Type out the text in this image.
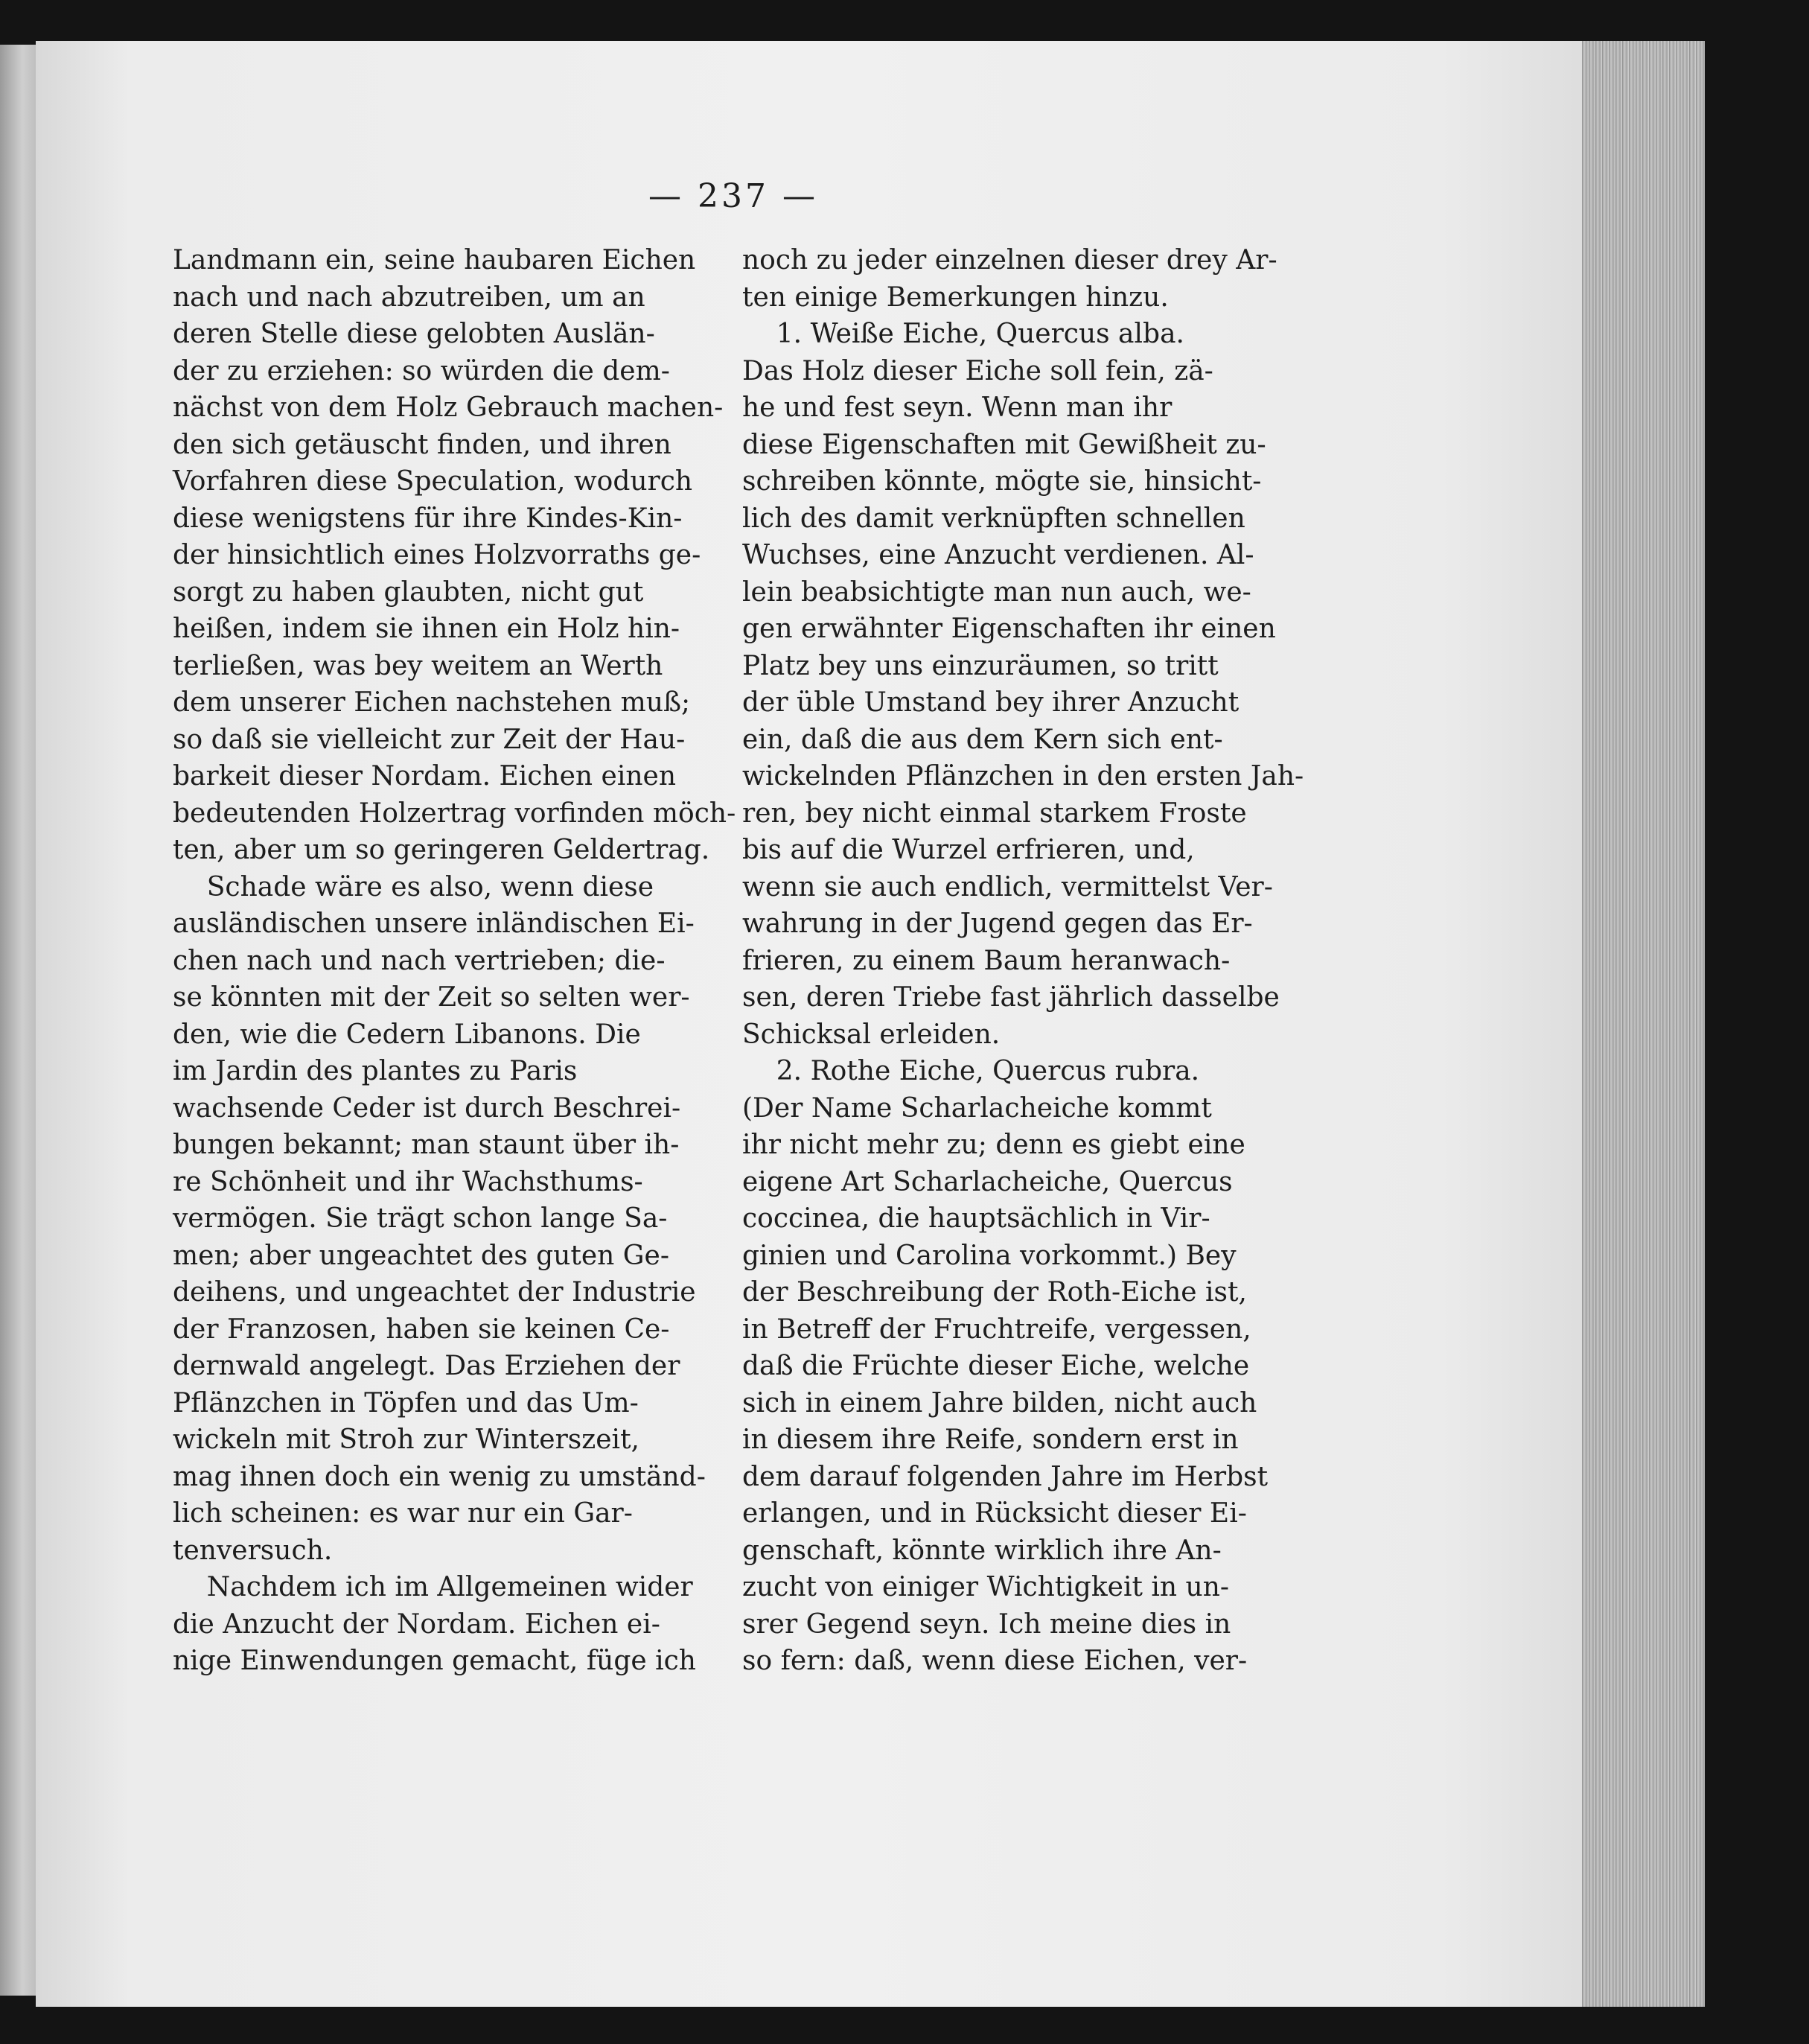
— 237 —
Landmann ein, seine haubaren Eichen
nach und nach abzutreiben, um an
deren Stelle diese gelobten Auslän-
der zu erziehen: so würden die dem-
nächst von dem Holz Gebrauch machen-
den sich getäuscht finden, und ihren
Vorfahren diese Speculation, wodurch
diese wenigstens für ihre Kindes-Kin-
der hinsichtlich eines Holzvorraths ge-
sorgt zu haben glaubten, nicht gut
heißen, indem sie ihnen ein Holz hin-
terließen, was bey weitem an Werth
dem unserer Eichen nachstehen muß;
so daß sie vielleicht zur Zeit der Hau-
barkeit dieser Nordam. Eichen einen
bedeutenden Holzertrag vorfinden möch-
ten, aber um so geringeren Geldertrag.
Schade wäre es also, wenn diese
ausländischen unsere inländischen Ei-
chen nach und nach vertrieben; die-
se könnten mit der Zeit so selten wer-
den, wie die Cedern Libanons. Die
im Jardin des plantes zu Paris
wachsende Ceder ist durch Beschrei-
bungen bekannt; man staunt über ih-
re Schönheit und ihr Wachsthums-
vermögen. Sie trägt schon lange Sa-
men; aber ungeachtet des guten Ge-
deihens, und ungeachtet der Industrie
der Franzosen, haben sie keinen Ce-
dernwald angelegt. Das Erziehen der
Pflänzchen in Töpfen und das Um-
wickeln mit Stroh zur Winterszeit,
mag ihnen doch ein wenig zu umständ-
lich scheinen: es war nur ein Gar-
tenversuch.
Nachdem ich im Allgemeinen wider
die Anzucht der Nordam. Eichen ei-
nige Einwendungen gemacht, füge ich
noch zu jeder einzelnen dieser drey Ar-
ten einige Bemerkungen hinzu.
1. Weiße Eiche, Quercus alba.
Das Holz dieser Eiche soll fein, zä-
he und fest seyn. Wenn man ihr
diese Eigenschaften mit Gewißheit zu-
schreiben könnte, mögte sie, hinsicht-
lich des damit verknüpften schnellen
Wuchses, eine Anzucht verdienen. Al-
lein beabsichtigte man nun auch, we-
gen erwähnter Eigenschaften ihr einen
Platz bey uns einzuräumen, so tritt
der üble Umstand bey ihrer Anzucht
ein, daß die aus dem Kern sich ent-
wickelnden Pflänzchen in den ersten Jah-
ren, bey nicht einmal starkem Froste
bis auf die Wurzel erfrieren, und,
wenn sie auch endlich, vermittelst Ver-
wahrung in der Jugend gegen das Er-
frieren, zu einem Baum heranwach-
sen, deren Triebe fast jährlich dasselbe
Schicksal erleiden.
2. Rothe Eiche, Quercus rubra.
(Der Name Scharlacheiche kommt
ihr nicht mehr zu; denn es giebt eine
eigene Art Scharlacheiche, Quercus
coccinea, die hauptsächlich in Vir-
ginien und Carolina vorkommt.) Bey
der Beschreibung der Roth-Eiche ist,
in Betreff der Fruchtreife, vergessen,
daß die Früchte dieser Eiche, welche
sich in einem Jahre bilden, nicht auch
in diesem ihre Reife, sondern erst in
dem darauf folgenden Jahre im Herbst
erlangen, und in Rücksicht dieser Ei-
genschaft, könnte wirklich ihre An-
zucht von einiger Wichtigkeit in un-
srer Gegend seyn. Ich meine dies in
so fern: daß, wenn diese Eichen, ver-
